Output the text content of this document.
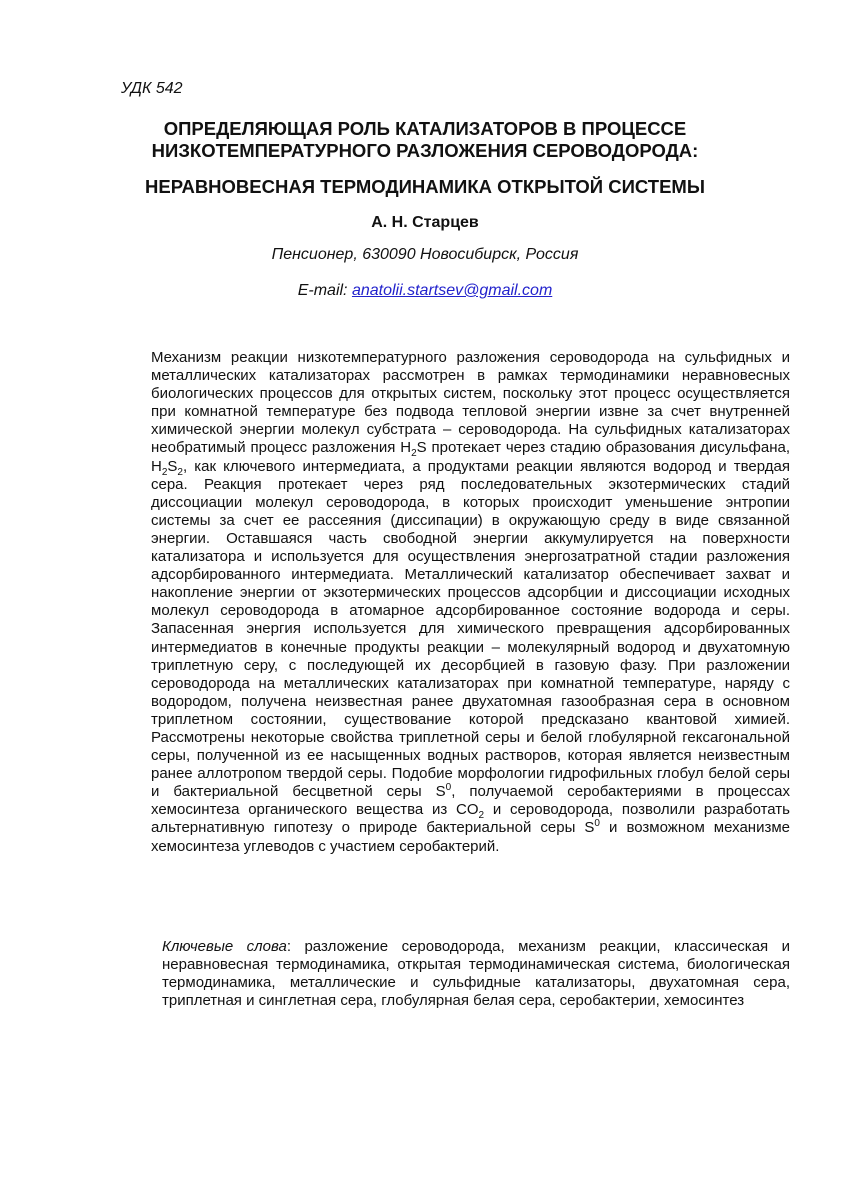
УДК 542
ОПРЕДЕЛЯЮЩАЯ РОЛЬ КАТАЛИЗАТОРОВ В ПРОЦЕССЕ
НИЗКОТЕМПЕРАТУРНОГО РАЗЛОЖЕНИЯ СЕРОВОДОРОДА:
НЕРАВНОВЕСНАЯ ТЕРМОДИНАМИКА ОТКРЫТОЙ СИСТЕМЫ
А. Н. Старцев
Пенсионер, 630090 Новосибирск, Россия
E-mail: anatolii.startsev@gmail.com

Механизм реакции низкотемпературного разложения сероводорода на сульфидных и металлических катализаторах рассмотрен в рамках термодинамики неравновесных биологических процессов для открытых систем, поскольку этот процесс осуществляется при комнатной температуре без подвода тепловой энергии извне за счет внутренней химической энергии молекул субстрата – сероводорода. На сульфидных катализаторах необратимый процесс разложения $H_2S$ протекает через стадию образования дисульфана, $H_2S_2$, как ключевого интермедиата, а продуктами реакции являются водород и твердая сера. Реакция протекает через ряд последовательных экзотермических стадий диссоциации молекул сероводорода, в которых происходит уменьшение энтропии системы за счет ее рассеяния (диссипации) в окружающую среду в виде связанной энергии. Оставшаяся часть свободной энергии аккумулируется на поверхности катализатора и используется для осуществления энергозатратной стадии разложения адсорбированного интермедиата. Металлический катализатор обеспечивает захват и накопление энергии от экзотермических процессов адсорбции и диссоциации исходных молекул сероводорода в атомарное адсорбированное состояние водорода и серы. Запасенная энергия используется для химического превращения адсорбированных интермедиатов в конечные продукты реакции – молекулярный водород и двухатомную триплетную серу, с последующей их десорбцией в газовую фазу. При разложении сероводорода на металлических катализаторах при комнатной температуре, наряду с водородом, получена неизвестная ранее двухатомная газообразная сера в основном триплетном состоянии, существование которой предсказано квантовой химией. Рассмотрены некоторые свойства триплетной серы и белой глобулярной гексагональной серы, полученной из ее насыщенных водных растворов, которая является неизвестным ранее аллотропом твердой серы. Подобие морфологии гидрофильных глобул белой серы и бактериальной бесцветной серы $S^0$, получаемой серобактериями в процессах хемосинтеза органического вещества из $CO_2$ и сероводорода, позволили разработать альтернативную гипотезу о природе бактериальной серы $S^0$ и возможном механизме хемосинтеза углеводов с участием серобактерий.

Ключевые слова: разложение сероводорода, механизм реакции, классическая и неравновесная термодинамика, открытая термодинамическая система, биологическая термодинамика, металлические и сульфидные катализаторы, двухатомная сера, триплетная и синглетная сера, глобулярная белая сера, серобактерии, хемосинтез
